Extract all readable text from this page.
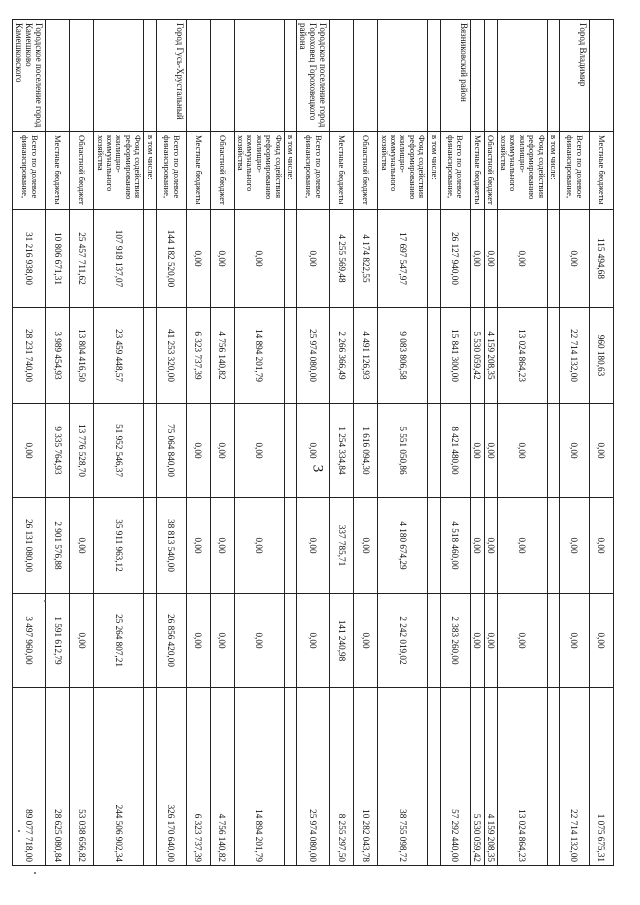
3
	Местные бюджеты	115 494,68	960 180,63	0,00	0,00	0,00	1 075 675,31
Город Владимир	Всего по долевое финансирование,	0,00	22 714 132,00	0,00	0,00	0,00	22 714 132,00
	в том числе:						
	Фонд содействия реформированию жилищно-коммунального хозяйства	0,00	13 024 864,23	0,00	0,00	0,00	13 024 864,23
	Областной бюджет	0,00	4 159 208,35	0,00	0,00	0,00	4 159 208,35
	Местные бюджеты	0,00	5 530 059,42	0,00	0,00	0,00	5 530 059,42
Вязниковский район	Всего по долевое финансирование,	26 127 940,00	15 841 300,00	8 421 480,00	4 518 460,00	2 383 260,00	57 292 440,00
	в том числе:						
	Фонд содействия реформированию жилищно-коммунального хозяйства	17 697 547,97	9 083 806,58	5 551 050,86	4 180 674,29	2 242 019,02	38 755 098,72
	Областной бюджет	4 174 822,55	4 491 126,93	1 616 094,30	0,00	0,00	10 282 043,78
	Местные бюджеты	4 255 569,48	2 266 366,49	1 254 334,84	337 785,71	141 240,98	8 255 297,50
Городское поселение город Гороховец Гороховецкого района	Всего по долевое финансирование,	0,00	25 974 080,00	0,00	0,00	0,00	25 974 080,00
	в том числе:						
	Фонд содействия реформированию жилищно-коммунального хозяйства	0,00	14 894 201,79	0,00	0,00	0,00	14 894 201,79
	Областной бюджет	0,00	4 756 140,82	0,00	0,00	0,00	4 756 140,82
	Местные бюджеты	0,00	6 323 737,39	0,00	0,00	0,00	6 323 737,39
Город Гусь-Хрустальный	Всего по долевое финансирование,	144 182 520,00	41 253 320,00	75 064 840,00	38 813 540,00	26 856 420,00	326 170 640,00
	в том числе:						
	Фонд содействия реформированию жилищно-коммунального хозяйства	107 918 137,07	23 459 448,57	51 952 546,37	35 911 963,12	25 264 807,21	244 506 902,34
	Областной бюджет	25 457 711,62	13 804 416,50	13 776 528,70	0,00	0,00	53 038 656,82
	Местные бюджеты	10 806 671,31	3 989 454,93	9 335 764,93	2 901 576,88	1 591 612,79	28 625 080,84
Городское поселение город Камешково Камешковского	Всего по долевое финансирование,	31 216 938,00	28 231 740,00	0,00	26 131 080,00	3 497 960,00	89 077 718,00
